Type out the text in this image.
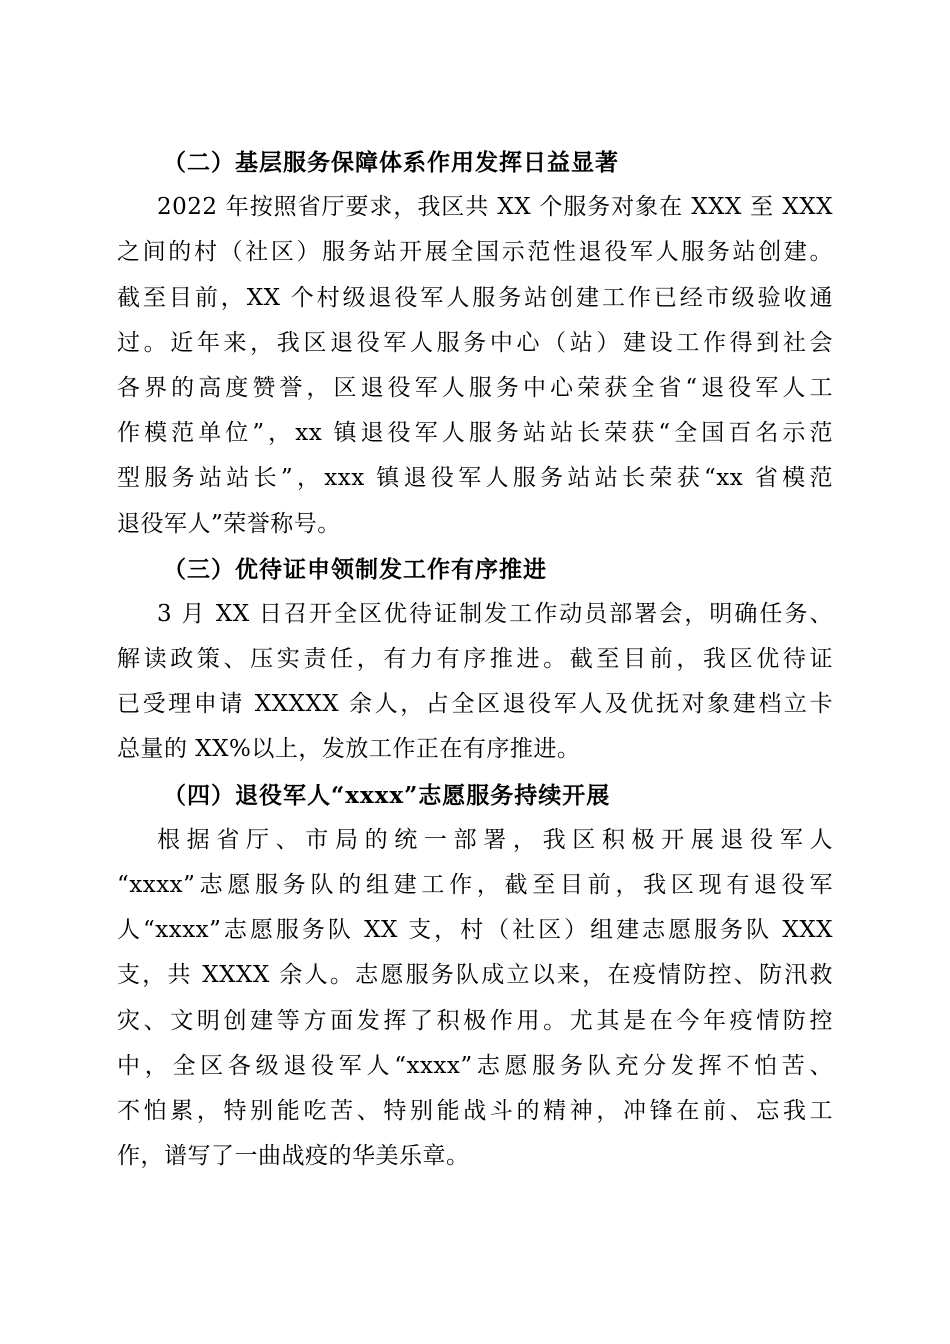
（二）基层服务保障体系作用发挥日益显著
2022 年按照省厅要求，我区共 XX 个服务对象在 XXX 至 XXX
之间的村（社区）服务站开展全国示范性退役军人服务站创建。
截至目前，XX 个村级退役军人服务站创建工作已经市级验收通
过。近年来，我区退役军人服务中心（站）建设工作得到社会
各界的高度赞誉，区退役军人服务中心荣获全省“退役军人工
作模范单位”，xx 镇退役军人服务站站长荣获“全国百名示范
型服务站站长”，xxx 镇退役军人服务站站长荣获“xx 省模范
退役军人”荣誉称号。
（三）优待证申领制发工作有序推进
3 月 XX 日召开全区优待证制发工作动员部署会，明确任务、
解读政策、压实责任，有力有序推进。截至目前，我区优待证
已受理申请 XXXXX 余人，占全区退役军人及优抚对象建档立卡
总量的 XX%以上，发放工作正在有序推进。
（四）退役军人“xxxx”志愿服务持续开展
根据省厅、市局的统一部署，我区积极开展退役军人
“xxxx”志愿服务队的组建工作，截至目前，我区现有退役军
人“xxxx”志愿服务队 XX 支，村（社区）组建志愿服务队 XXX
支，共 XXXX 余人。志愿服务队成立以来，在疫情防控、防汛救
灾、文明创建等方面发挥了积极作用。尤其是在今年疫情防控
中，全区各级退役军人“xxxx”志愿服务队充分发挥不怕苦、
不怕累，特别能吃苦、特别能战斗的精神，冲锋在前、忘我工
作，谱写了一曲战疫的华美乐章。
